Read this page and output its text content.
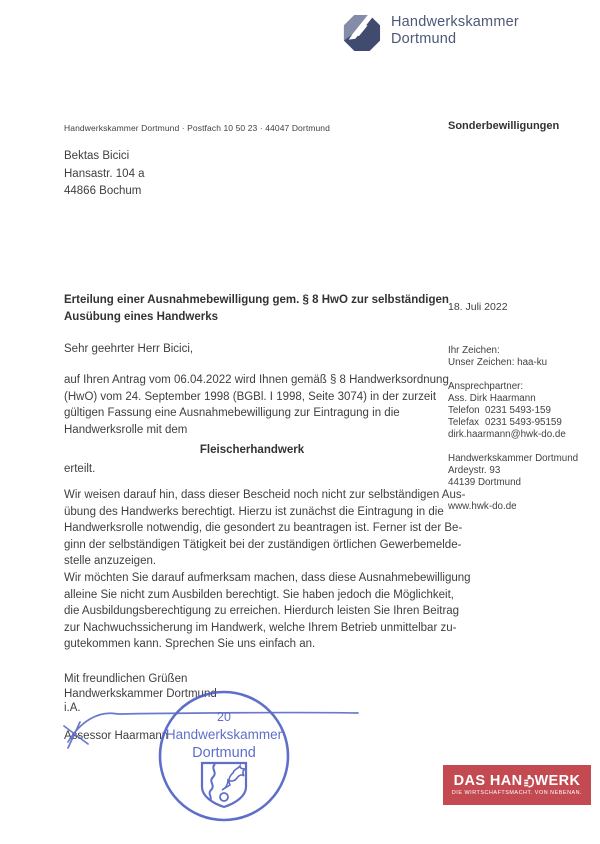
Handwerkskammer
Dortmund
Handwerkskammer Dortmund · Postfach 10 50 23 · 44047 Dortmund	Sonderbewilligungen
Bektas Bicici
Hansastr. 104 a
44866 Bochum
Erteilung einer Ausnahmebewilligung gem. § 8 HwO zur selbständigen
Ausübung eines Handwerks
18. Juli 2022
Sehr geehrter Herr Bicici,
auf Ihren Antrag vom 06.04.2022 wird Ihnen gemäß § 8 Handwerksordnung
(HwO) vom 24. September 1998 (BGBl. I 1998, Seite 3074) in der zurzeit
gültigen Fassung eine Ausnahmebewilligung zur Eintragung in die
Handwerksrolle mit dem
Fleischerhandwerk
erteilt.
Wir weisen darauf hin, dass dieser Bescheid noch nicht zur selbständigen Aus-
übung des Handwerks berechtigt. Hierzu ist zunächst die Eintragung in die
Handwerksrolle notwendig, die gesondert zu beantragen ist. Ferner ist der Be-
ginn der selbständigen Tätigkeit bei der zuständigen örtlichen Gewerbemelde-
stelle anzuzeigen.
Wir möchten Sie darauf aufmerksam machen, dass diese Ausnahmebewilligung
alleine Sie nicht zum Ausbilden berechtigt. Sie haben jedoch die Möglichkeit,
die Ausbildungsberechtigung zu erreichen. Hierdurch leisten Sie Ihren Beitrag
zur Nachwuchssicherung im Handwerk, welche Ihrem Betrieb unmittelbar zu-
gutekommen kann. Sprechen Sie uns einfach an.
Mit freundlichen Grüßen
Handwerkskammer Dortmund
i.A.
Assessor Haarmann
20
Handwerkskammer
Dortmund
Ihr Zeichen:
Unser Zeichen: haa-ku
Ansprechpartner:
Ass. Dirk Haarmann
Telefon 0231 5493-159
Telefax 0231 5493-95159
dirk.haarmann@hwk-do.de
Handwerkskammer Dortmund
Ardeystr. 93
44139 Dortmund
www.hwk-do.de
DAS HAN WERK
DIE WIRTSCHAFTSMACHT. VON NEBENAN.
